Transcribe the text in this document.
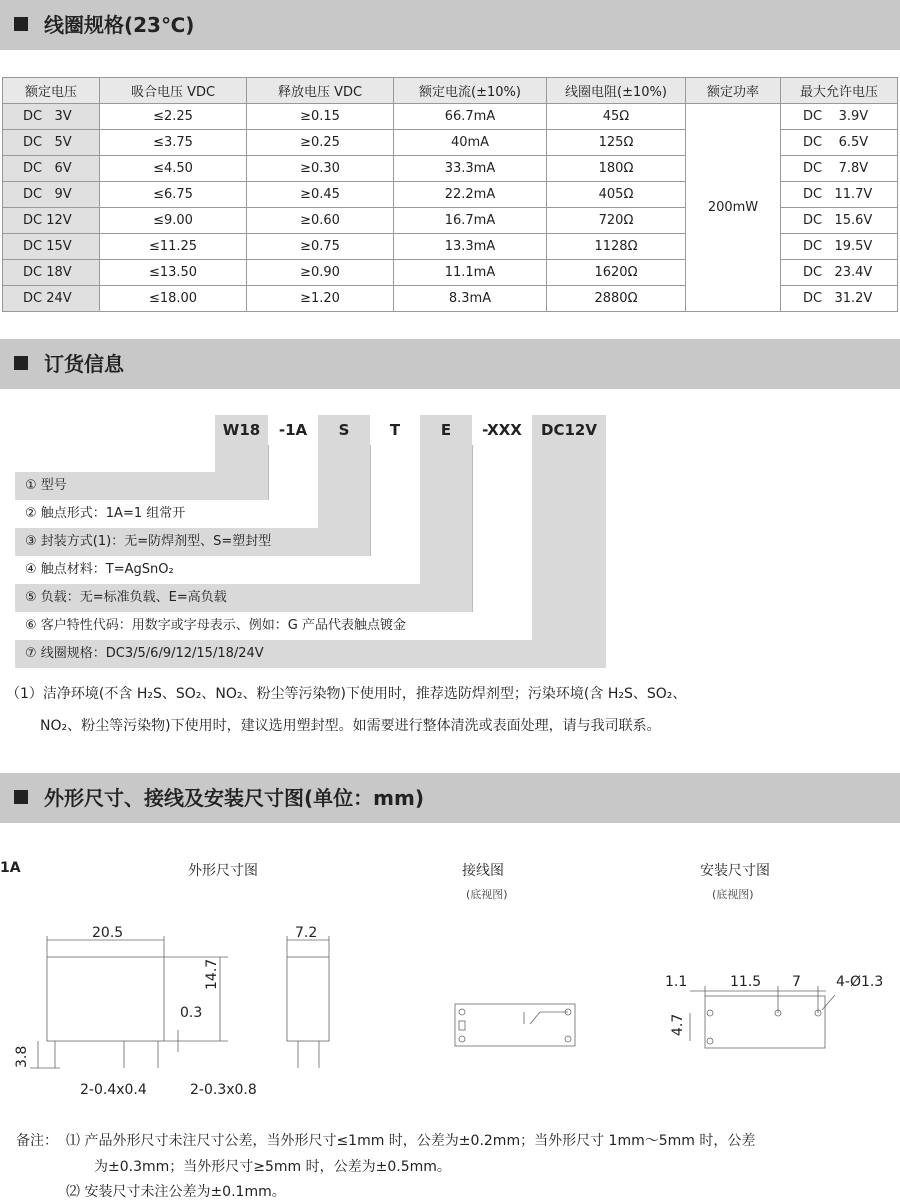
线圈规格(23℃)
额定电压	吸合电压 VDC	释放电压 VDC	额定电流(±10%)	线圈电阻(±10%)	额定功率	最大允许电压
DC   3V	≤2.25	≥0.15	66.7mA	45Ω	200mW	DC    3.9V
DC   5V	≤3.75	≥0.25	40mA	125Ω		DC    6.5V
DC   6V	≤4.50	≥0.30	33.3mA	180Ω		DC    7.8V
DC   9V	≤6.75	≥0.45	22.2mA	405Ω		DC   11.7V
DC 12V	≤9.00	≥0.60	16.7mA	720Ω		DC   15.6V
DC 15V	≤11.25	≥0.75	13.3mA	1128Ω		DC   19.5V
DC 18V	≤13.50	≥0.90	11.1mA	1620Ω		DC   23.4V
DC 24V	≤18.00	≥1.20	8.3mA	2880Ω		DC   31.2V
订货信息
W18	-1A	S	T	E	-XXX	DC12V
① 型号
② 触点形式：1A=1 组常开
③ 封装方式(1)：无=防焊剂型、S=塑封型
④ 触点材料：T=AgSnO₂
⑤ 负载：无=标准负载、E=高负载
⑥ 客户特性代码：用数字或字母表示、例如：G 产品代表触点镀金
⑦ 线圈规格：DC3/5/6/9/12/15/18/24V
（1）洁净环境(不含 H₂S、SO₂、NO₂、粉尘等污染物)下使用时，推荐选防焊剂型；污染环境(含 H₂S、SO₂、
NO₂、粉尘等污染物)下使用时，建议选用塑封型。如需要进行整体清洗或表面处理，请与我司联系。
外形尺寸、接线及安装尺寸图(单位：mm)
1A	外形尺寸图	接线图
(底视图)
安装尺寸图
(底视图)
20.5	7.2
14.7
0.3
3.8
2-0.4x0.4	2-0.3x0.8
1.1	11.5 7	4-Ø1.3
4.7
备注： ⑴ 产品外形尺寸未注尺寸公差，当外形尺寸≤1mm 时，公差为±0.2mm；当外形尺寸 1mm～5mm 时，公差
为±0.3mm；当外形尺寸≥5mm 时，公差为±0.5mm。
⑵ 安装尺寸未注公差为±0.1mm。
